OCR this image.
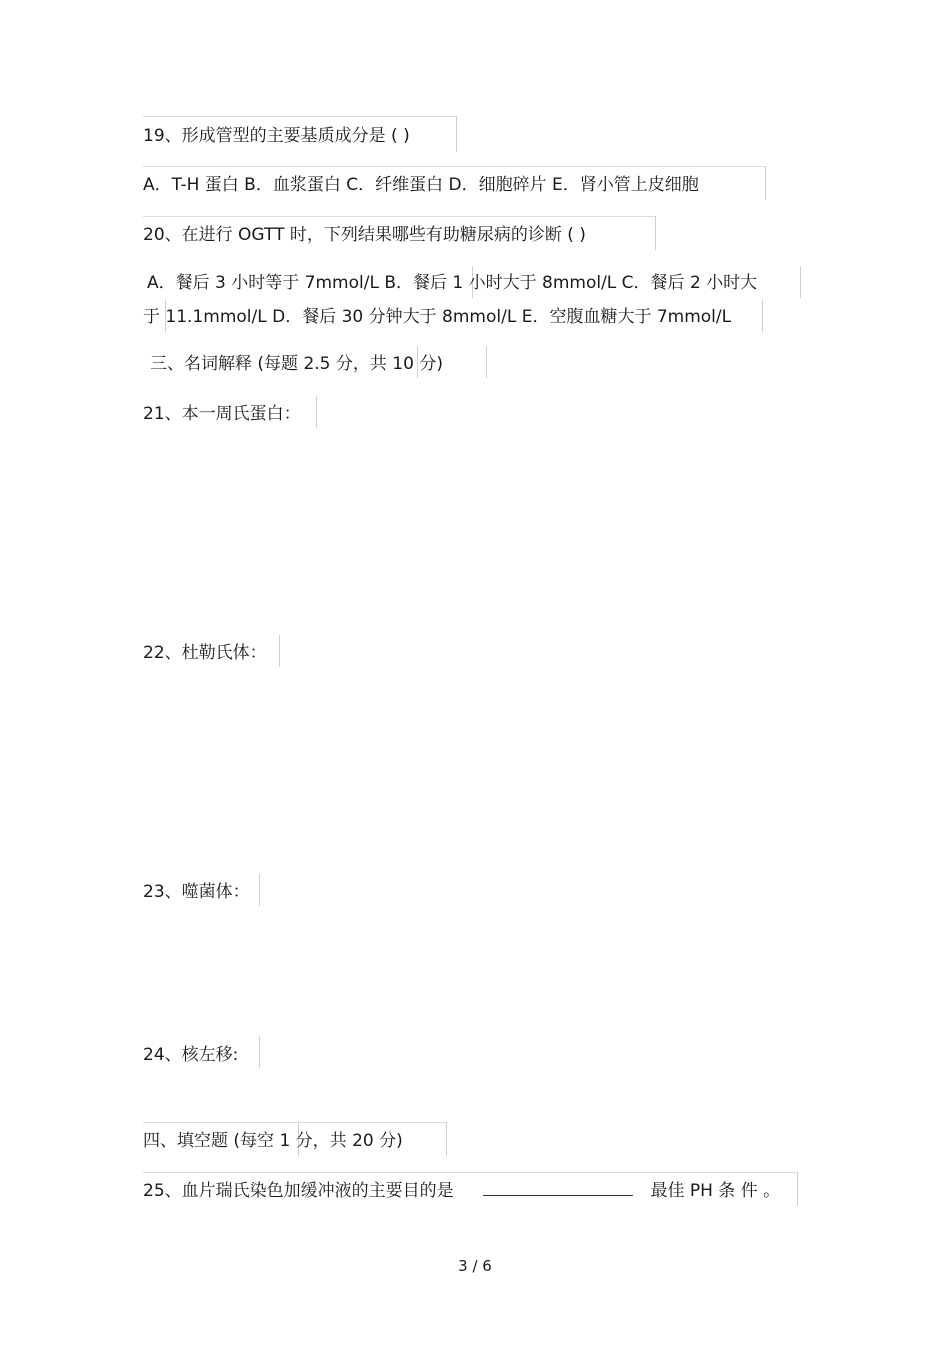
19、形成管型的主要基质成分是 ( )
A．T-H 蛋白 B．血浆蛋白 C．纤维蛋白 D．细胞碎片 E．肾小管上皮细胞
20、在进行 OGTT 时，下列结果哪些有助糖尿病的诊断 ( )
A．餐后 3 小时等于 7mmol/L B．餐后 1 小时大于 8mmol/L C．餐后 2 小时大
于 11.1mmol/L D．餐后 30 分钟大于 8mmol/L E．空腹血糖大于 7mmol/L
三、名词解释 (每题 2.5 分，共 10 分)
21、本一周氏蛋白：
22、杜勒氏体：
23、噬菌体：
24、核左移:
四、填空题 (每空 1 分，共 20 分)
25、血片瑞氏染色加缓冲液的主要目的是	最佳 PH 条 件 。
3 / 6
